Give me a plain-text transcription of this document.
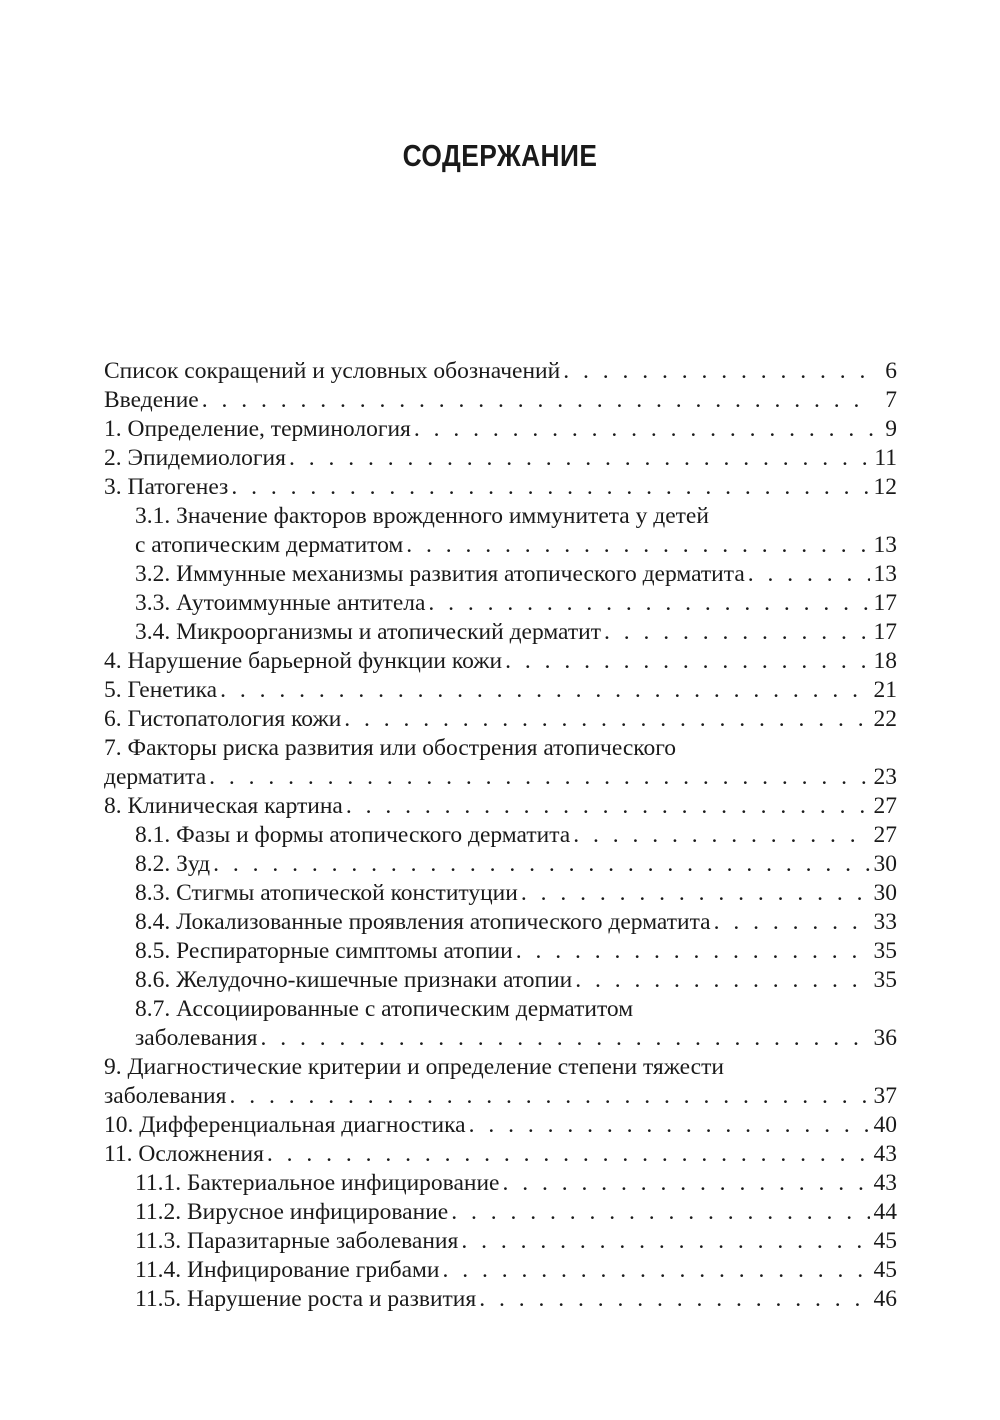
СОДЕРЖАНИЕ
Список сокращений и условных обозначений . . .	6
Введение . . .	7
1. Определение, терминология . . .	9
2. Эпидемиология . . .	11
3. Патогенез . . .	12
3.1. Значение факторов врожденного иммунитета у детей
с атопическим дерматитом . . .	13
3.2. Иммунные механизмы развития атопического дерматита . . .	13
3.3. Аутоиммунные антитела . . .	17
3.4. Микроорганизмы и атопический дерматит . . .	17
4. Нарушение барьерной функции кожи . . .	18
5. Генетика . . .	21
6. Гистопатология кожи . . .	22
7. Факторы риска развития или обострения атопического
дерматита . . .	23
8. Клиническая картина . . .	27
8.1. Фазы и формы атопического дерматита . . .	27
8.2. Зуд . . .	30
8.3. Стигмы атопической конституции . . .	30
8.4. Локализованные проявления атопического дерматита . . .	33
8.5. Респираторные симптомы атопии . . .	35
8.6. Желудочно-кишечные признаки атопии . . .	35
8.7. Ассоциированные с атопическим дерматитом
заболевания . . .	36
9. Диагностические критерии и определение степени тяжести
заболевания . . .	37
10. Дифференциальная диагностика . . .	40
11. Осложнения . . .	43
11.1. Бактериальное инфицирование . . .	43
11.2. Вирусное инфицирование . . .	44
11.3. Паразитарные заболевания . . .	45
11.4. Инфицирование грибами . . .	45
11.5. Нарушение роста и развития . . .	46
